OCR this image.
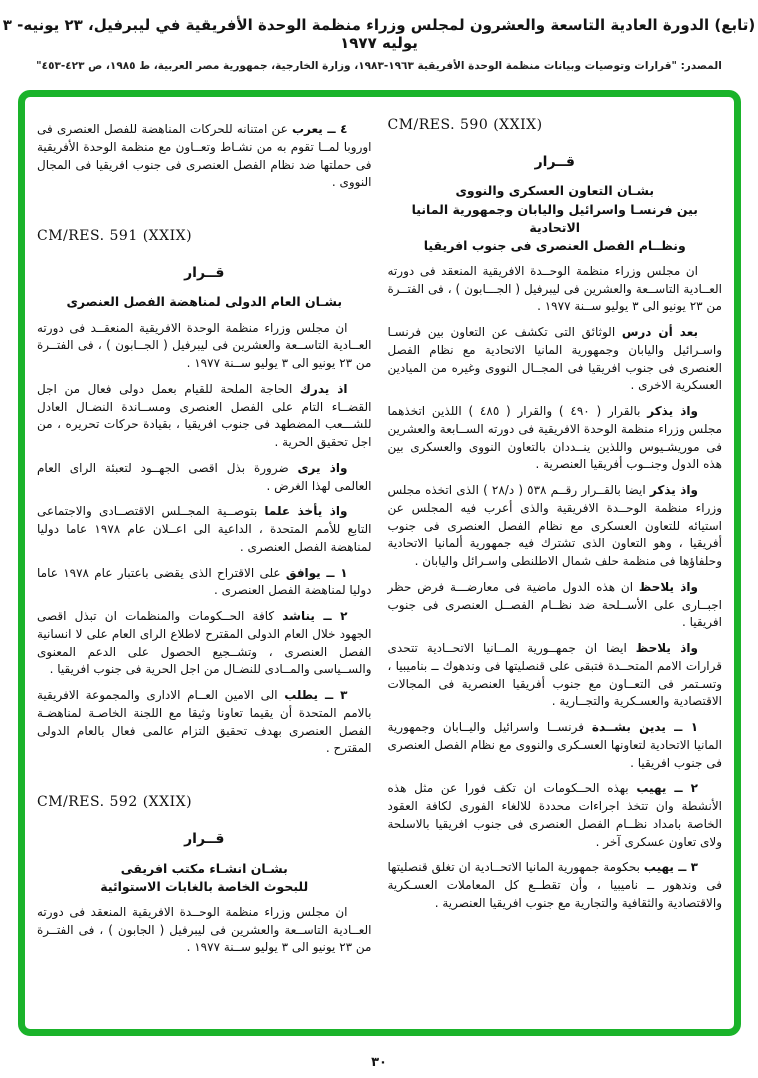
(تابع) الدورة العادية التاسعة والعشرون لمجلس وزراء منظمة الوحدة الأفريقية في ليبرفيل، ٢٣ يونيه- ٣ يوليه ١٩٧٧
المصدر: "قرارات وتوصيات وبيانات منظمة الوحدة الأفريقية ١٩٦٣-١٩٨٣، وزارة الخارجية، جمهورية مصر العربية، ط ١٩٨٥، ص ٤٢٣-٤٥٣"
CM/RES. 590 (XXIX)
قــرار
بشـان التعاون العسكرى والنووى
بين فرنسـا واسرائيل واليابان وجمهورية المانيا الاتحادية
ونظــام الفصل العنصرى فى جنوب افريقيا

ان مجلس وزراء منظمة الوحــدة الافريقية المنعقد فى دورته العــادية التاســعة والعشرين فى ليبرفيل ( الجـــابون ) ، فى الفتــرة من ٢٣ يونيو الى ٣ يوليو ســنة ١٩٧٧ .

بعد أن درس الوثائق التى تكشف عن التعاون بين فرنسـا واسـرائيل واليابان وجمهورية المانيا الاتحادية مع نظام الفصل العنصرى فى جنوب افريقيا فى المجــال النووى وغيره من الميادين العسكرية الاخرى .

واذ يذكر بالقرار ( ٤٩٠ ) والقرار ( ٤٨٥ ) اللذين اتخذهما مجلس وزراء منظمة الوحدة الافريقية فى دورته الســابعة والعشرين فى موريشـيوس واللذين ينــددان بالتعاون النووى والعسكرى بين هذه الدول وجنــوب أفريقيا العنصرية .

واذ يذكر ايضا بالقــرار رقــم ٥٣٨ ( د/٢٨ ) الذى اتخذه مجلس وزراء منظمة الوحــدة الافريقية والذى أعرب فيه المجلس عن استيائه للتعاون العسكرى مع نظام الفصل العنصرى فى جنوب أفريقيا ، وهو التعاون الذى تشترك فيه جمهورية ألمانيا الاتحادية وحلفاؤها فى منظمة حلف شمال الاطلنطى واسـرائل واليابان .

واذ يلاحظ ان هذه الدول ماضية فى معارضـــة فرض حظر اجبــارى على الأســلحة ضد نظــام الفصــل العنصرى فى جنوب افريقيا .

واذ يلاحظ ايضا ان جمهــورية المــانيا الاتحــادية تتحدى قرارات الامم المتحــدة فتبقى على قنصليتها فى وندهوك ــ بناميبيا ، وتسـتمر فى التعــاون مع جنوب أفريقيا العنصرية فى المجالات الاقتصادية والعسـكرية والتجــارية .

١ ــ يدين بشــدة فرنســا واسرائيل واليــابان وجمهورية المانيا الاتحادية لتعاونها العسـكرى والنووى مع نظام الفصل العنصرى فى جنوب افريقيا .

٢ ــ يهيب بهذه الحــكومات ان تكف فورا عن مثل هذه الأنشطة وان تتخذ اجراءات محددة للالغاء الفورى لكافة العقود الخاصة بامداد نظــام الفصل العنصرى فى جنوب افريقيا بالاسلحة ولاى تعاون عسكرى آخر .

٣ ــ يهيب بحكومة جمهورية المانيا الاتحــادية ان تغلق قنصليتها فى وندهور ــ ناميبيا ، وأن تقطــع كل المعاملات العسـكرية والاقتصادية والثقافية والتجارية مع جنوب افريقيا العنصرية .

٤ ــ يعرب عن امتنانه للحركات المناهضة للفصل العنصرى فى اوروبا لمــا تقوم به من نشـاط وتعــاون مع منظمة الوحدة الأفريقية فى حملتها ضد نظام الفصل العنصرى فى جنوب افريقيا فى المجال النووى .

CM/RES. 591 (XXIX)
قــرار
بشـان العام الدولى لمناهضة الفصل العنصرى

ان مجلس وزراء منظمة الوحدة الافريقية المنعقــد فى دورته العــادية التاســعة والعشرين فى ليبرفيل ( الجــابون ) ، فى الفتــرة من ٢٣ يونيو الى ٣ يوليو ســنة ١٩٧٧ .

اذ يدرك الحاجة الملحة للقيام بعمل دولى فعال من اجل القضــاء التام على الفصل العنصرى ومســاندة النضـال العادل للشـــعب المضطهد فى جنوب افريقيا ، بقيادة حركات تحريره ، من اجل تحقيق الحرية .

واذ يرى ضرورة بذل اقصى الجهــود لتعبئة الراى العام العالمى لهذا الغرض .

واذ يأخذ علما بتوصــية المجــلس الاقتصــادى والاجتماعى التابع للأمم المتحدة ، الداعية الى اعــلان عام ١٩٧٨ عاما دوليا لمناهضة الفصل العنصرى .

١ ــ يوافق على الاقتراح الذى يقضى باعتبار عام ١٩٧٨ عاما دوليا لمناهضة الفصل العنصرى .

٢ ــ يناشد كافة الحــكومات والمنظمات ان تبذل اقصى الجهود خلال العام الدولى المقترح لاطلاع الراى العام على لا انسانية الفصل العنصرى ، وتشــجيع الحصول على الدعم المعنوى والســياسى والمــادى للنضـال من اجل الحرية فى جنوب افريقيا .

٣ ــ يطلب الى الامين العــام الادارى والمجموعة الافريقية بالامم المتحدة أن يقيما تعاونا وثيقا مع اللجنة الخاصـة لمناهضـة الفصل العنصرى بهدف تحقيق التزام عالمى فعال بالعام الدولى المقترح .

CM/RES. 592 (XXIX)
قــرار
بشـان انشـاء مكتب افريقى
للبحوث الخاصة بالغابات الاستوائية

ان مجلس وزراء منظمة الوحــدة الافريقية المنعقد فى دورته العــادية التاســعة والعشرين فى ليبرفيل ( الجابون ) ، فى الفتــرة من ٢٣ يونيو الى ٣ يوليو ســنة ١٩٧٧ .

٣٠
